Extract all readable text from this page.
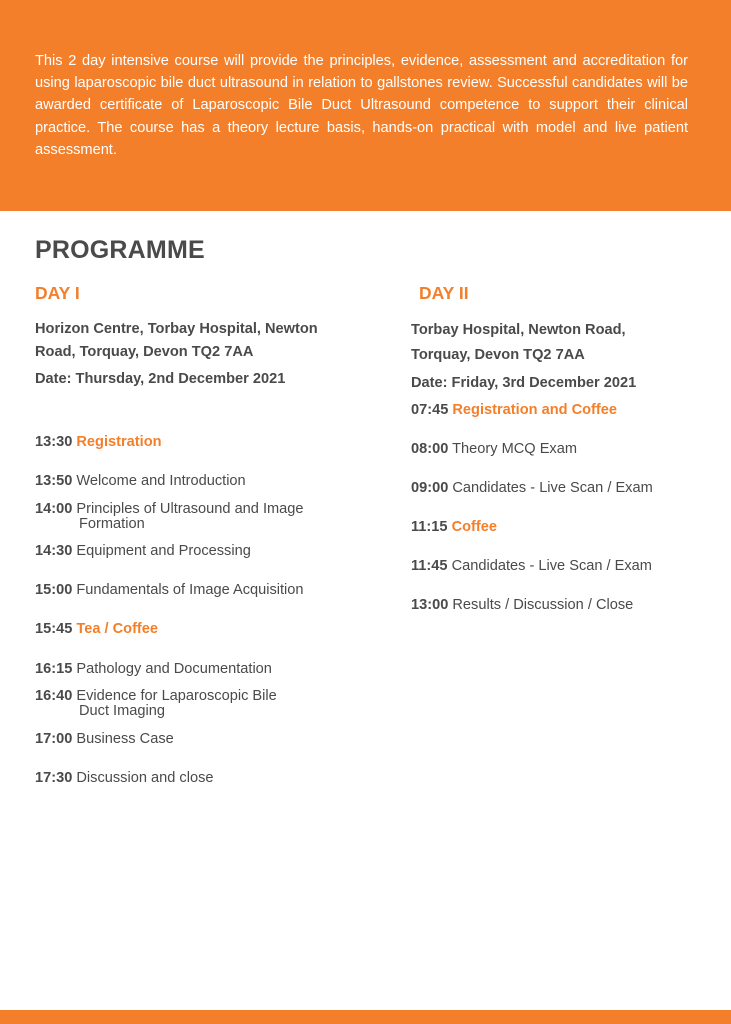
This 2 day intensive course will provide the principles, evidence, assessment and accreditation for using laparoscopic bile duct ultrasound in relation to gallstones review. Successful candidates will be awarded certificate of Laparoscopic Bile Duct Ultrasound competence to support their clinical practice. The course has a theory lecture basis, hands-on practical with model and live patient assessment.

PROGRAMME
DAY I
Horizon Centre, Torbay Hospital, Newton
Road, Torquay, Devon TQ2 7AA
Date: Thursday, 2nd December 2021
13:30 Registration
13:50 Welcome and Introduction
14:00 Principles of Ultrasound and Image
Formation
14:30 Equipment and Processing
15:00 Fundamentals of Image Acquisition
15:45 Tea / Coffee
16:15 Pathology and Documentation
16:40 Evidence for Laparoscopic Bile
Duct Imaging
17:00 Business Case
17:30 Discussion and close
DAY II
Torbay Hospital, Newton Road,
Torquay, Devon TQ2 7AA
Date: Friday, 3rd December 2021
07:45 Registration and Coffee
08:00 Theory MCQ Exam
09:00 Candidates - Live Scan / Exam
11:15 Coffee
11:45 Candidates - Live Scan / Exam
13:00 Results / Discussion / Close
